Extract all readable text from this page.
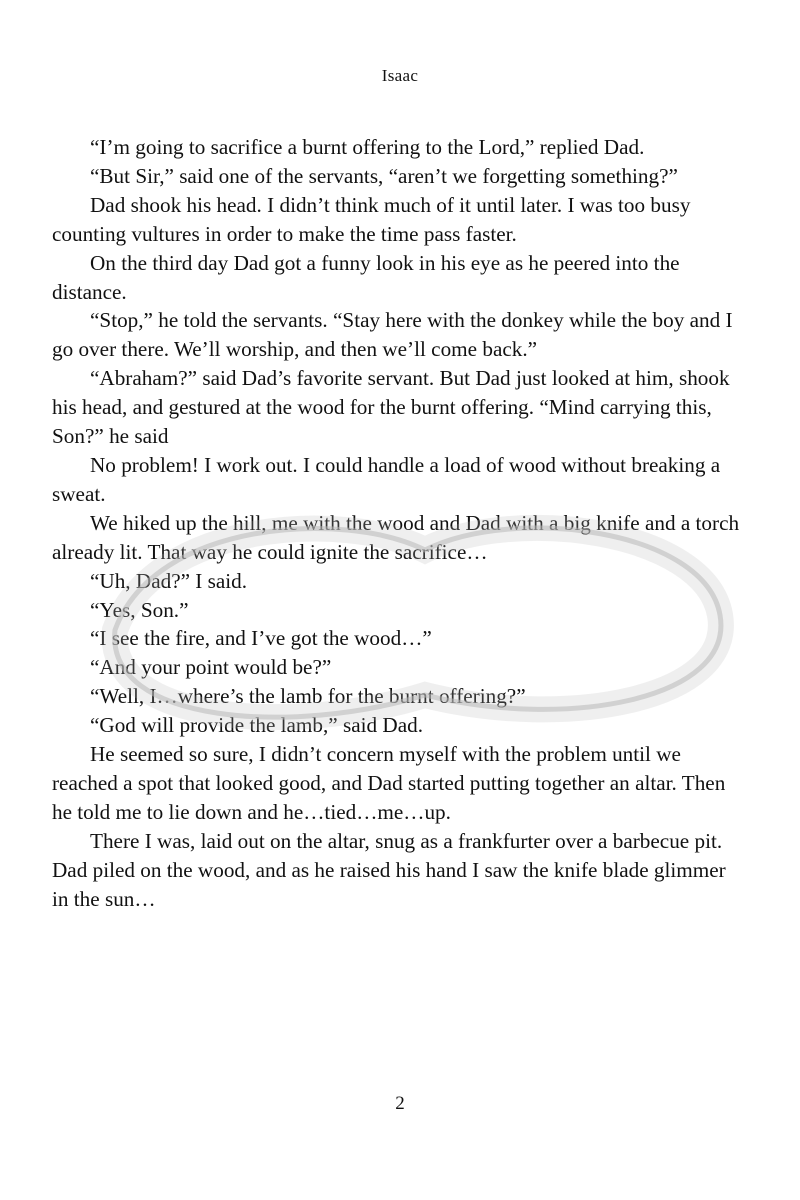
Isaac

“I’m going to sacrifice a burnt offering to the Lord,” replied Dad.

“But Sir,” said one of the servants, “aren’t we forgetting something?”

Dad shook his head. I didn’t think much of it until later. I was too busy counting vultures in order to make the time pass faster.

On the third day Dad got a funny look in his eye as he peered into the distance.

“Stop,” he told the servants. “Stay here with the donkey while the boy and I go over there. We’ll worship, and then we’ll come back.”

“Abraham?” said Dad’s favorite servant. But Dad just looked at him, shook his head, and gestured at the wood for the burnt offering. “Mind carrying this, Son?” he said

No problem! I work out. I could handle a load of wood without breaking a sweat.

We hiked up the hill, me with the wood and Dad with a big knife and a torch already lit. That way he could ignite the sacrifice…

“Uh, Dad?” I said.

“Yes, Son.”

“I see the fire, and I’ve got the wood…”

“And your point would be?”

“Well, I…where’s the lamb for the burnt offering?”

“God will provide the lamb,” said Dad.

He seemed so sure, I didn’t concern myself with the problem until we reached a spot that looked good, and Dad started putting together an altar. Then he told me to lie down and he…tied…me…up.

There I was, laid out on the altar, snug as a frankfurter over a barbecue pit. Dad piled on the wood, and as he raised his hand I saw the knife blade glimmer in the sun…

2
